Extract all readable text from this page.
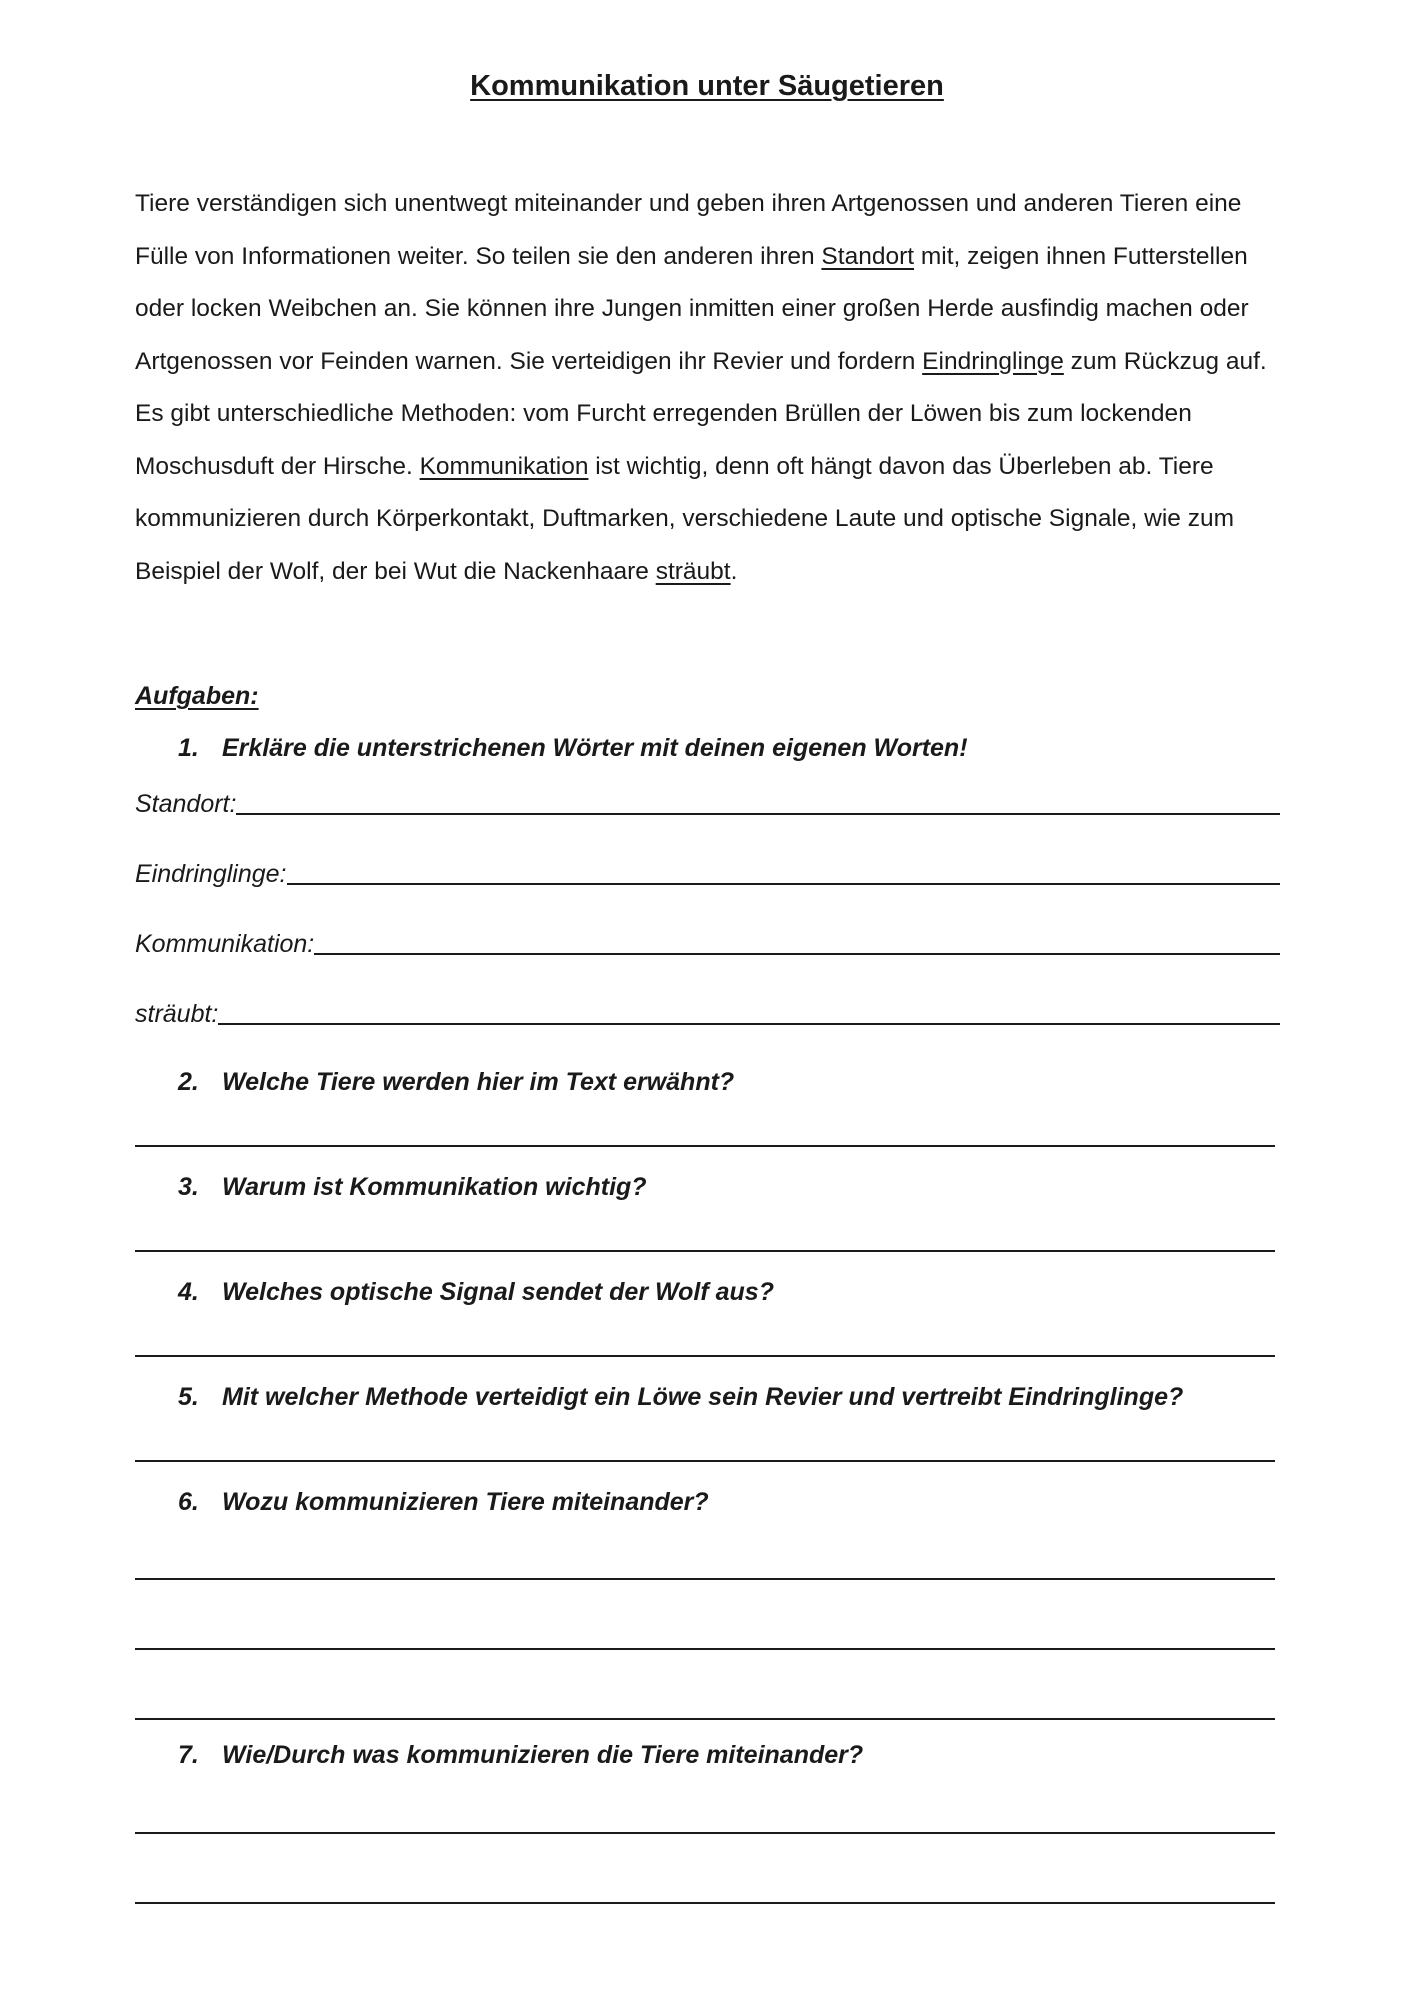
Kommunikation unter Säugetieren

Tiere verständigen sich unentwegt miteinander und geben ihren Artgenossen und anderen Tieren eine Fülle von Informationen weiter. So teilen sie den anderen ihren Standort mit, zeigen ihnen Futterstellen oder locken Weibchen an. Sie können ihre Jungen inmitten einer großen Herde ausfindig machen oder Artgenossen vor Feinden warnen. Sie verteidigen ihr Revier und fordern Eindringlinge zum Rückzug auf. Es gibt unterschiedliche Methoden: vom Furcht erregenden Brüllen der Löwen bis zum lockenden Moschusduft der Hirsche. Kommunikation ist wichtig, denn oft hängt davon das Überleben ab. Tiere kommunizieren durch Körperkontakt, Duftmarken, verschiedene Laute und optische Signale, wie zum Beispiel der Wolf, der bei Wut die Nackenhaare sträubt.

Aufgaben:
1. Erkläre die unterstrichenen Wörter mit deinen eigenen Worten!
Standort:
Eindringlinge:
Kommunikation:
sträubt:
2. Welche Tiere werden hier im Text erwähnt?
3. Warum ist Kommunikation wichtig?
4. Welches optische Signal sendet der Wolf aus?
5. Mit welcher Methode verteidigt ein Löwe sein Revier und vertreibt Eindringlinge?
6. Wozu kommunizieren Tiere miteinander?
7. Wie/Durch was kommunizieren die Tiere miteinander?
